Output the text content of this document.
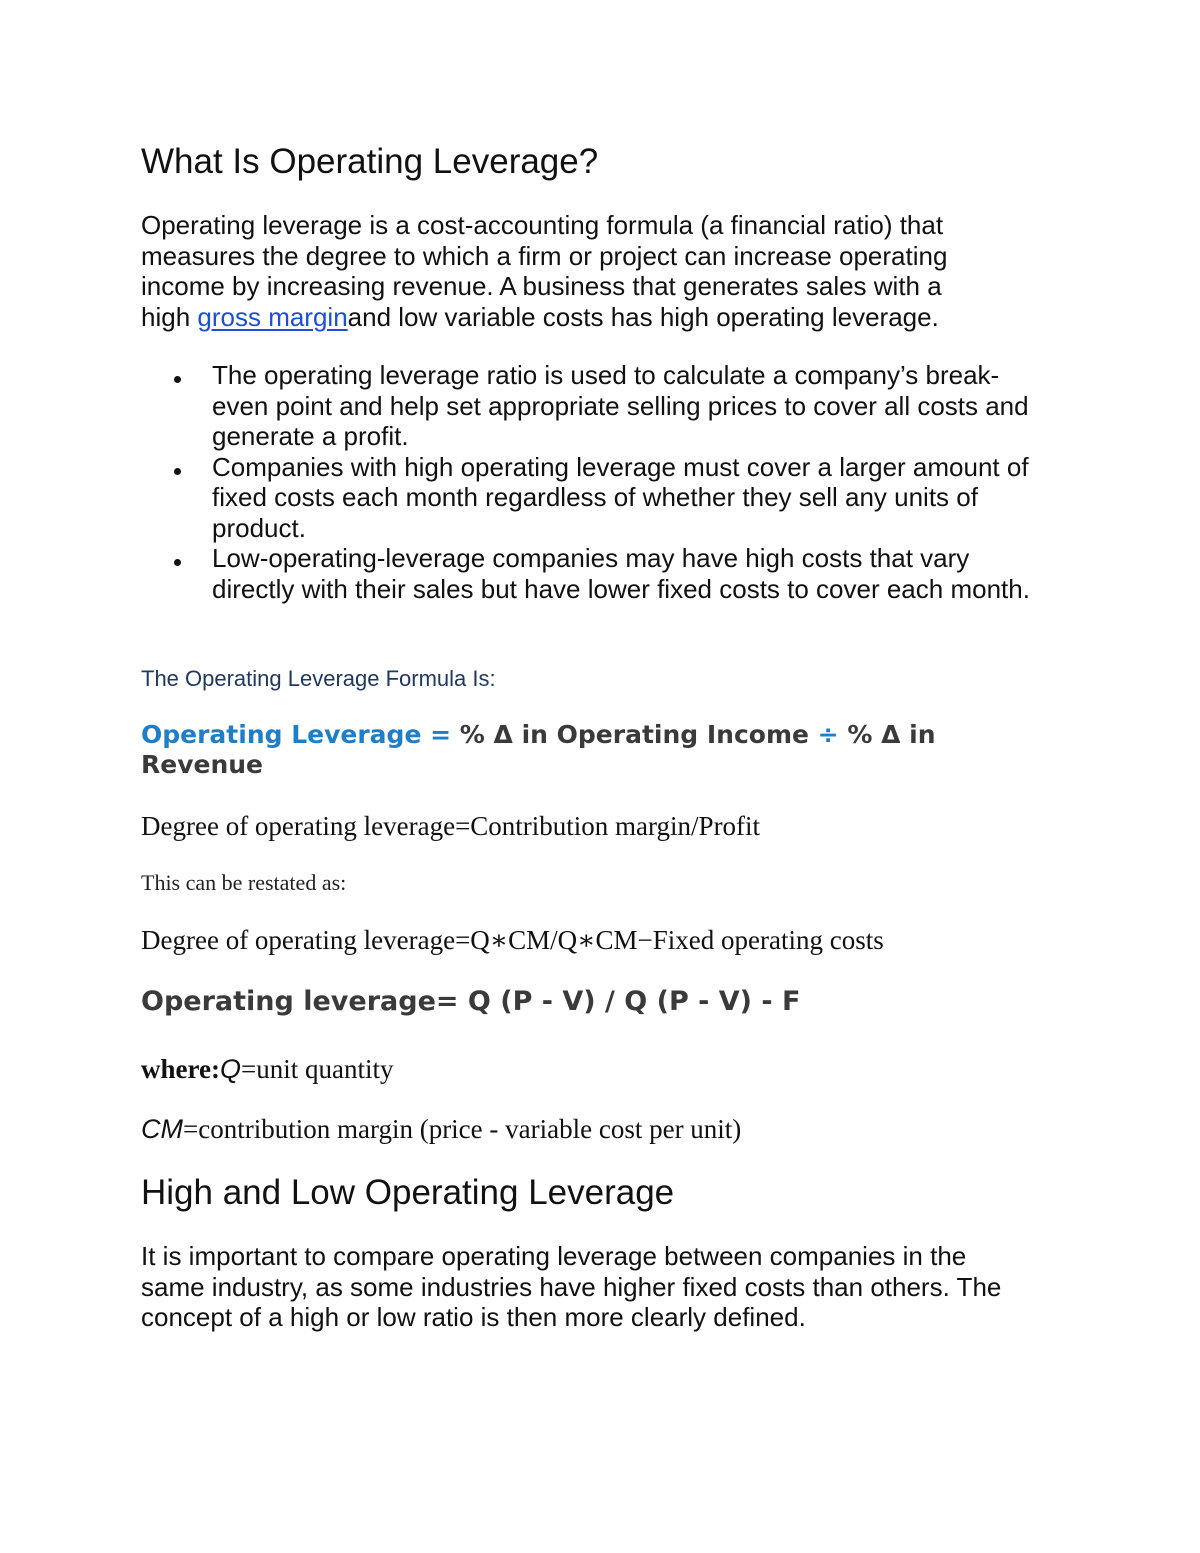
What Is Operating Leverage?

Operating leverage is a cost-accounting formula (a financial ratio) that
measures the degree to which a firm or project can increase operating
income by increasing revenue. A business that generates sales with a
high gross marginand low variable costs has high operating leverage.

The operating leverage ratio is used to calculate a company’s break-
even point and help set appropriate selling prices to cover all costs and
generate a profit.
Companies with high operating leverage must cover a larger amount of
fixed costs each month regardless of whether they sell any units of
product.
Low-operating-leverage companies may have high costs that vary
directly with their sales but have lower fixed costs to cover each month.
The Operating Leverage Formula Is:
Operating Leverage = % Δ in Operating Income ÷ % Δ in
Revenue
Degree of operating leverage=Contribution margin/Profit
This can be restated as:
Degree of operating leverage=Q∗CM/Q∗CM−Fixed operating costs
Operating leverage= Q (P - V) / Q (P - V) - F
where:Q=unit quantity
CM=contribution margin (price - variable cost per unit)
High and Low Operating Leverage

It is important to compare operating leverage between companies in the
same industry, as some industries have higher fixed costs than others. The
concept of a high or low ratio is then more clearly defined.
